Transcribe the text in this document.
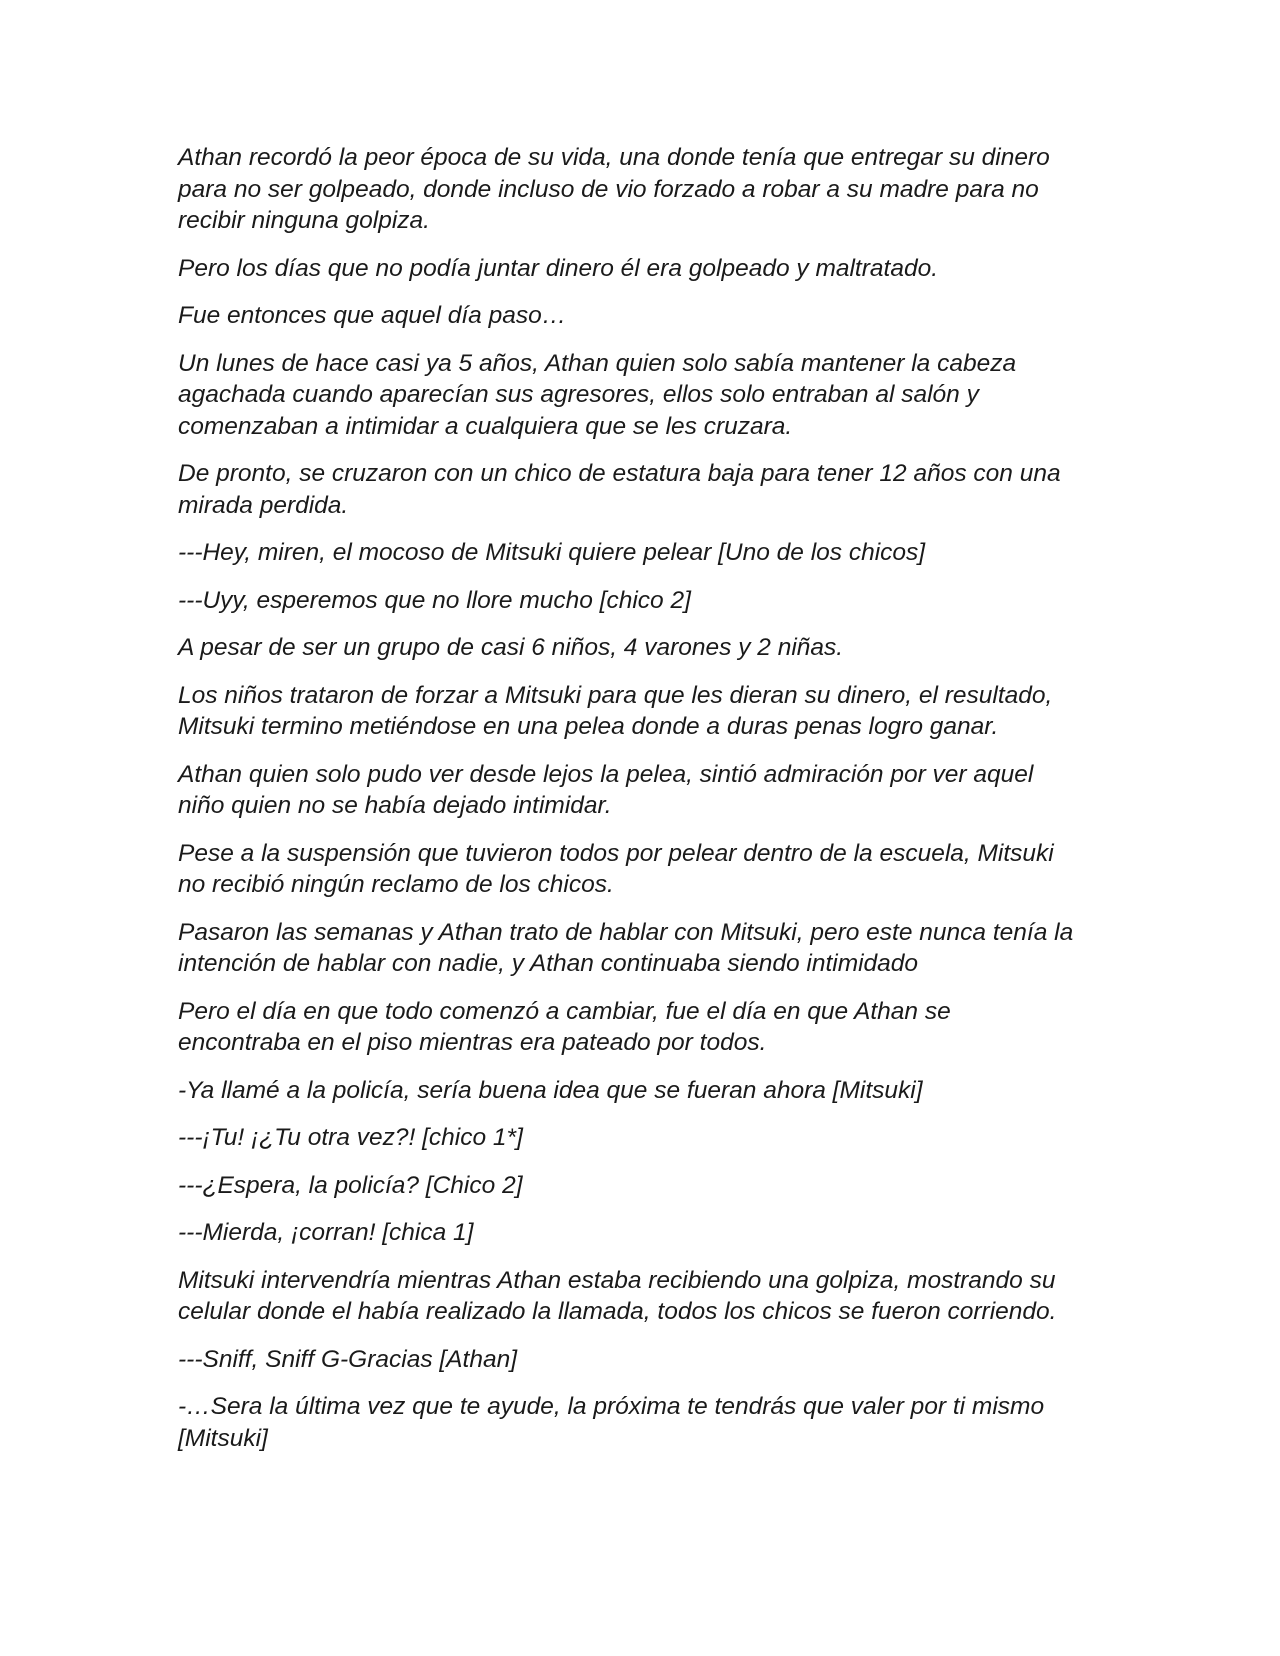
Athan recordó la peor época de su vida, una donde tenía que entregar su dinero
para no ser golpeado, donde incluso de vio forzado a robar a su madre para no
recibir ninguna golpiza.

Pero los días que no podía juntar dinero él era golpeado y maltratado.

Fue entonces que aquel día paso…

Un lunes de hace casi ya 5 años, Athan quien solo sabía mantener la cabeza
agachada cuando aparecían sus agresores, ellos solo entraban al salón y
comenzaban a intimidar a cualquiera que se les cruzara.

De pronto, se cruzaron con un chico de estatura baja para tener 12 años con una
mirada perdida.

---Hey, miren, el mocoso de Mitsuki quiere pelear [Uno de los chicos]

---Uyy, esperemos que no llore mucho [chico 2]

A pesar de ser un grupo de casi 6 niños, 4 varones y 2 niñas.

Los niños trataron de forzar a Mitsuki para que les dieran su dinero, el resultado,
Mitsuki termino metiéndose en una pelea donde a duras penas logro ganar.

Athan quien solo pudo ver desde lejos la pelea, sintió admiración por ver aquel
niño quien no se había dejado intimidar.

Pese a la suspensión que tuvieron todos por pelear dentro de la escuela, Mitsuki
no recibió ningún reclamo de los chicos.

Pasaron las semanas y Athan trato de hablar con Mitsuki, pero este nunca tenía la
intención de hablar con nadie, y Athan continuaba siendo intimidado

Pero el día en que todo comenzó a cambiar, fue el día en que Athan se
encontraba en el piso mientras era pateado por todos.

-Ya llamé a la policía, sería buena idea que se fueran ahora [Mitsuki]

---¡Tu! ¡¿Tu otra vez?! [chico 1*]

---¿Espera, la policía? [Chico 2]

---Mierda, ¡corran! [chica 1]

Mitsuki intervendría mientras Athan estaba recibiendo una golpiza, mostrando su
celular donde el había realizado la llamada, todos los chicos se fueron corriendo.

---Sniff, Sniff G-Gracias [Athan]

-…Sera la última vez que te ayude, la próxima te tendrás que valer por ti mismo
[Mitsuki]
